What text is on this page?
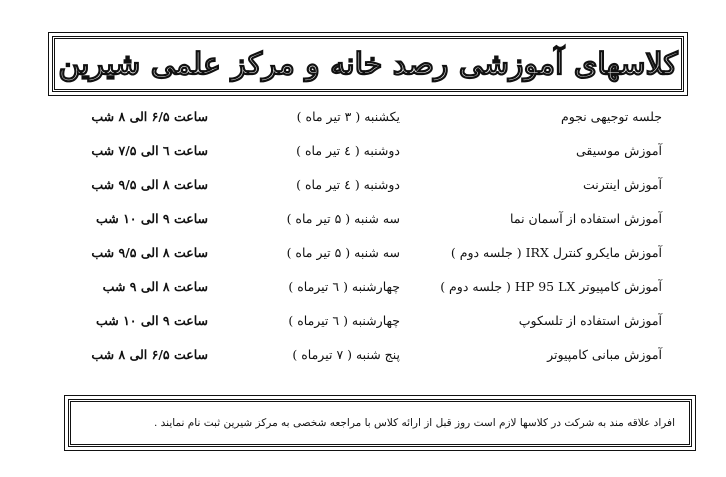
کلاسهای آموزشی رصد خانه و مرکز علمی شیرین
جلسه توجیهی نجوم
یکشنبه ( ۳ تیر ماه )
ساعت ۶/۵ الی ۸ شب
آموزش موسیقی
دوشنبه ( ٤ تیر ماه )
ساعت ٦ الی ۷/۵ شب
آموزش اینترنت
دوشنبه ( ٤ تیر ماه )
ساعت ۸ الی ۹/۵ شب
آموزش استفاده از آسمان نما
سه شنبه ( ۵ تیر ماه )
ساعت ۹ الی ۱۰ شب
آموزش مایکرو کنترل IRX ( جلسه دوم )
سه شنبه ( ۵ تیر ماه )
ساعت ۸ الی ۹/۵ شب
آموزش کامپیوتر HP 95 LX ( جلسه دوم )
چهارشنبه ( ٦ تیرماه )
ساعت ۸ الی ۹ شب
آموزش استفاده از تلسکوپ
چهارشنبه ( ٦ تیرماه )
ساعت ۹ الی ۱۰ شب
آموزش مبانی کامپیوتر
پنج شنبه ( ۷ تیرماه )
ساعت ۶/۵ الی ۸ شب
افراد علاقه مند به شرکت در کلاسها لازم است روز قبل از ارائه کلاس با مراجعه شخصی به مرکز شیرین ثبت نام نمایند .
